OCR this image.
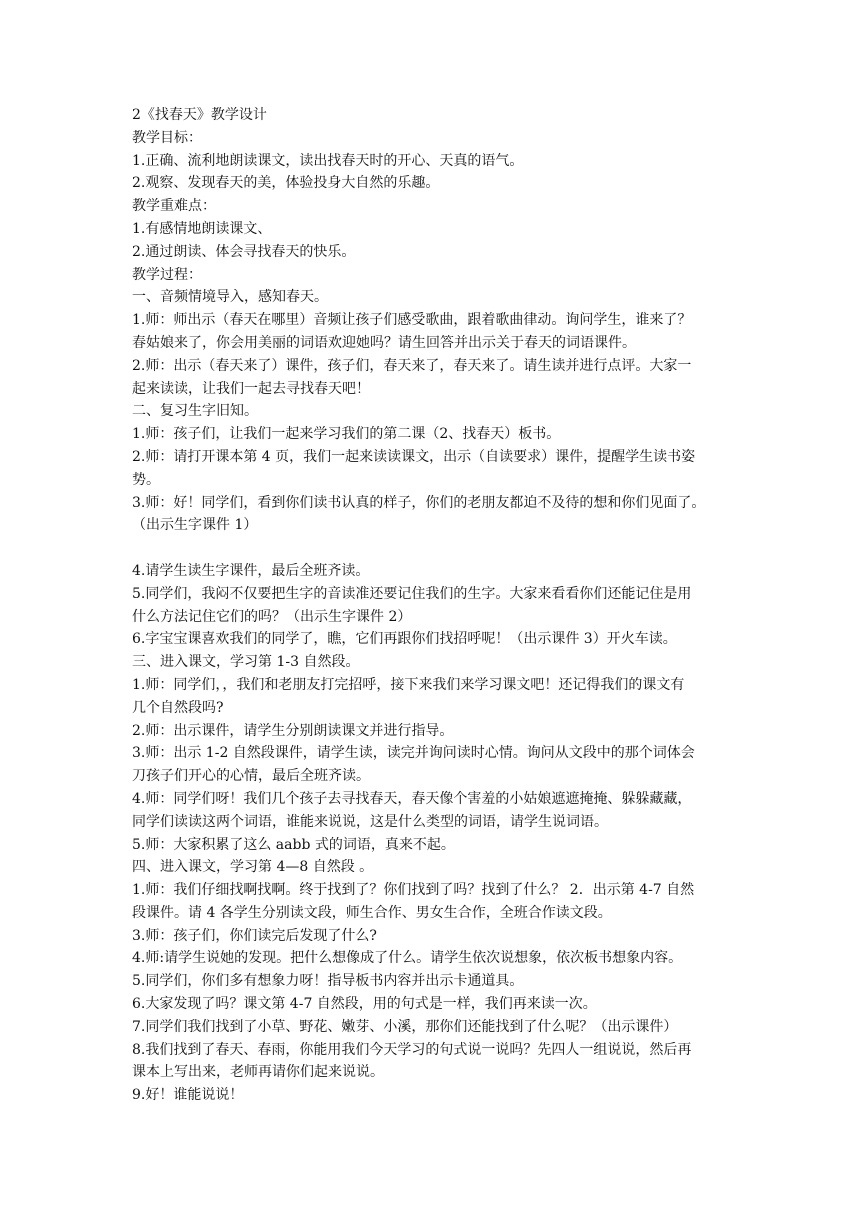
2《找春天》教学设计
教学目标：
1.正确、流利地朗读课文，读出找春天时的开心、天真的语气。
2.观察、发现春天的美，体验投身大自然的乐趣。
教学重难点：
1.有感情地朗读课文、
2.通过朗读、体会寻找春天的快乐。
教学过程：
一、音频情境导入，感知春天。
1.师：师出示（春天在哪里）音频让孩子们感受歌曲，跟着歌曲律动。询问学生，谁来了？
春姑娘来了，你会用美丽的词语欢迎她吗？请生回答并出示关于春天的词语课件。
2.师：出示（春天来了）课件，孩子们，春天来了，春天来了。请生读并进行点评。大家一
起来读读，让我们一起去寻找春天吧！
二、复习生字旧知。
1.师：孩子们，让我们一起来学习我们的第二课（2、找春天）板书。
2.师：请打开课本第 4 页，我们一起来读读课文，出示（自读要求）课件，提醒学生读书姿
势。
3.师：好！同学们，看到你们读书认真的样子，你们的老朋友都迫不及待的想和你们见面了。
（出示生字课件 1）
4.请学生读生字课件，最后全班齐读。
5.同学们，我闷不仅要把生字的音读准还要记住我们的生字。大家来看看你们还能记住是用
什么方法记住它们的吗？（出示生字课件 2）
6.字宝宝课喜欢我们的同学了，瞧，它们再跟你们找招呼呢！（出示课件 3）开火车读。
三、进入课文，学习第 1-3 自然段。
1.师：同学们，，我们和老朋友打完招呼，接下来我们来学习课文吧！还记得我们的课文有
几个自然段吗?
2.师：出示课件，请学生分别朗读课文并进行指导。
3.师：出示 1-2 自然段课件，请学生读，读完并询问读时心情。询问从文段中的那个词体会
刀孩子们开心的心情，最后全班齐读。
4.师：同学们呀！我们几个孩子去寻找春天，春天像个害羞的小姑娘遮遮掩掩、躲躲藏藏，
同学们读读这两个词语，谁能来说说，这是什么类型的词语，请学生说词语。
5.师：大家积累了这么 aabb 式的词语，真来不起。
四、进入课文，学习第 4—8 自然段 。
1.师：我们仔细找啊找啊。终于找到了？你们找到了吗？找到了什么？ 2．出示第 4-7 自然
段课件。请 4 各学生分别读文段，师生合作、男女生合作，全班合作读文段。
3.师：孩子们，你们读完后发现了什么?
4.师:请学生说她的发现。把什么想像成了什么。请学生依次说想象，依次板书想象内容。
5.同学们，你们多有想象力呀！指导板书内容并出示卡通道具。
6.大家发现了吗？课文第 4-7 自然段，用的句式是一样，我们再来读一次。
7.同学们我们找到了小草、野花、嫩芽、小溪，那你们还能找到了什么呢？（出示课件）
8.我们找到了春天、春雨，你能用我们今天学习的句式说一说吗？先四人一组说说，然后再
课本上写出来，老师再请你们起来说说。
9.好！谁能说说！
